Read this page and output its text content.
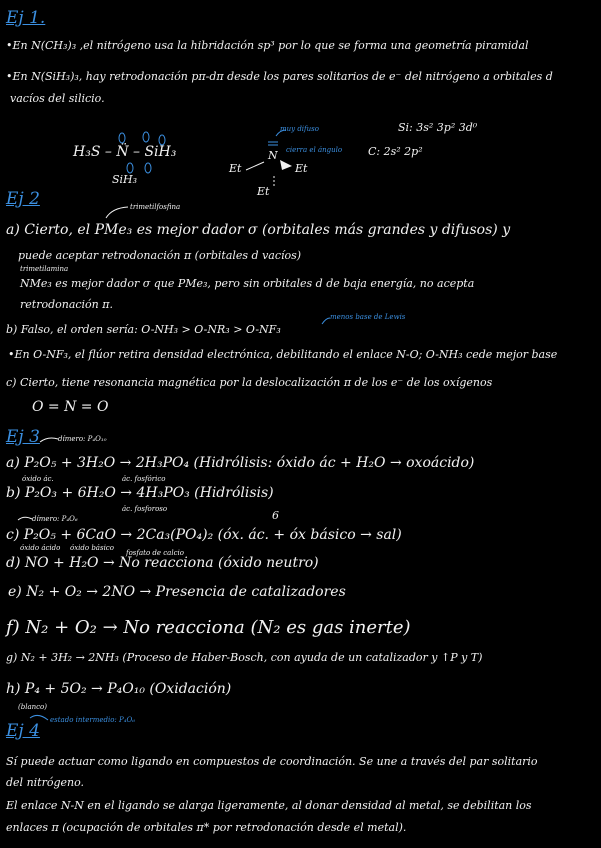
Ej 1.
•En N(CH₃)₃ ,el nitrógeno usa la hibridación sp³ por lo que se forma una geometría piramidal
•En N(SiH₃)₃, hay retrodonación pπ-dπ desde los pares solitarios de e⁻ del nitrógeno a orbitales d
vacíos del silicio.
H₃S – N̈ – SiH₃
SiH₃
muy difuso
cierra el ángulo
N
Et	Et
Et
Si: 3s² 3p² 3d⁰
C: 2s² 2p²
Ej 2	trimetilfosfina
a) Cierto, el PMe₃ es mejor dador σ (orbitales más grandes y difusos) y
puede aceptar retrodonación π (orbitales d vacíos)
trimetilamina
NMe₃ es mejor dador σ que PMe₃, pero sin orbitales d de baja energía, no acepta
retrodonación π.
b) Falso, el orden sería: O-NH₃ > O-NR₃ > O-NF₃
menos base de Lewis
•En O-NF₃, el flúor retira densidad electrónica, debilitando el enlace N-O; O-NH₃ cede mejor base
c) Cierto, tiene resonancia magnética por la deslocalización π de los e⁻ de los oxígenos
O = N = O
Ej 3	dímero: P₄O₁₀
a) P₂O₅ + 3H₂O → 2H₃PO₄ (Hidrólisis: óxido ác + H₂O → oxoácido)
óxido ác.	ác. fosfórico
b) P₂O₃ + 6H₂O → 4H₃PO₃ (Hidrólisis)
ác. fosforoso
dímero: P₄O₆	6
c) P₂O₅ + 6CaO → 2Ca₃(PO₄)₂ (óx. ác. + óx básico → sal)
óxido ácido óxido básico
fosfato de calcio
d) NO + H₂O → No reacciona (óxido neutro)
e) N₂ + O₂ → 2NO → Presencia de catalizadores
f) N₂ + O₂ → No reacciona (N₂ es gas inerte)
g) N₂ + 3H₂ → 2NH₃ (Proceso de Haber-Bosch, con ayuda de un catalizador y ↑P y T)
h) P₄ + 5O₂ → P₄O₁₀ (Oxidación)
(blanco)
estado intermedio: P₄O₆
Ej 4
Sí puede actuar como ligando en compuestos de coordinación. Se une a través del par solitario
del nitrógeno.
El enlace N-N en el ligando se alarga ligeramente, al donar densidad al metal, se debilitan los
enlaces π (ocupación de orbitales π* por retrodonación desde el metal).
